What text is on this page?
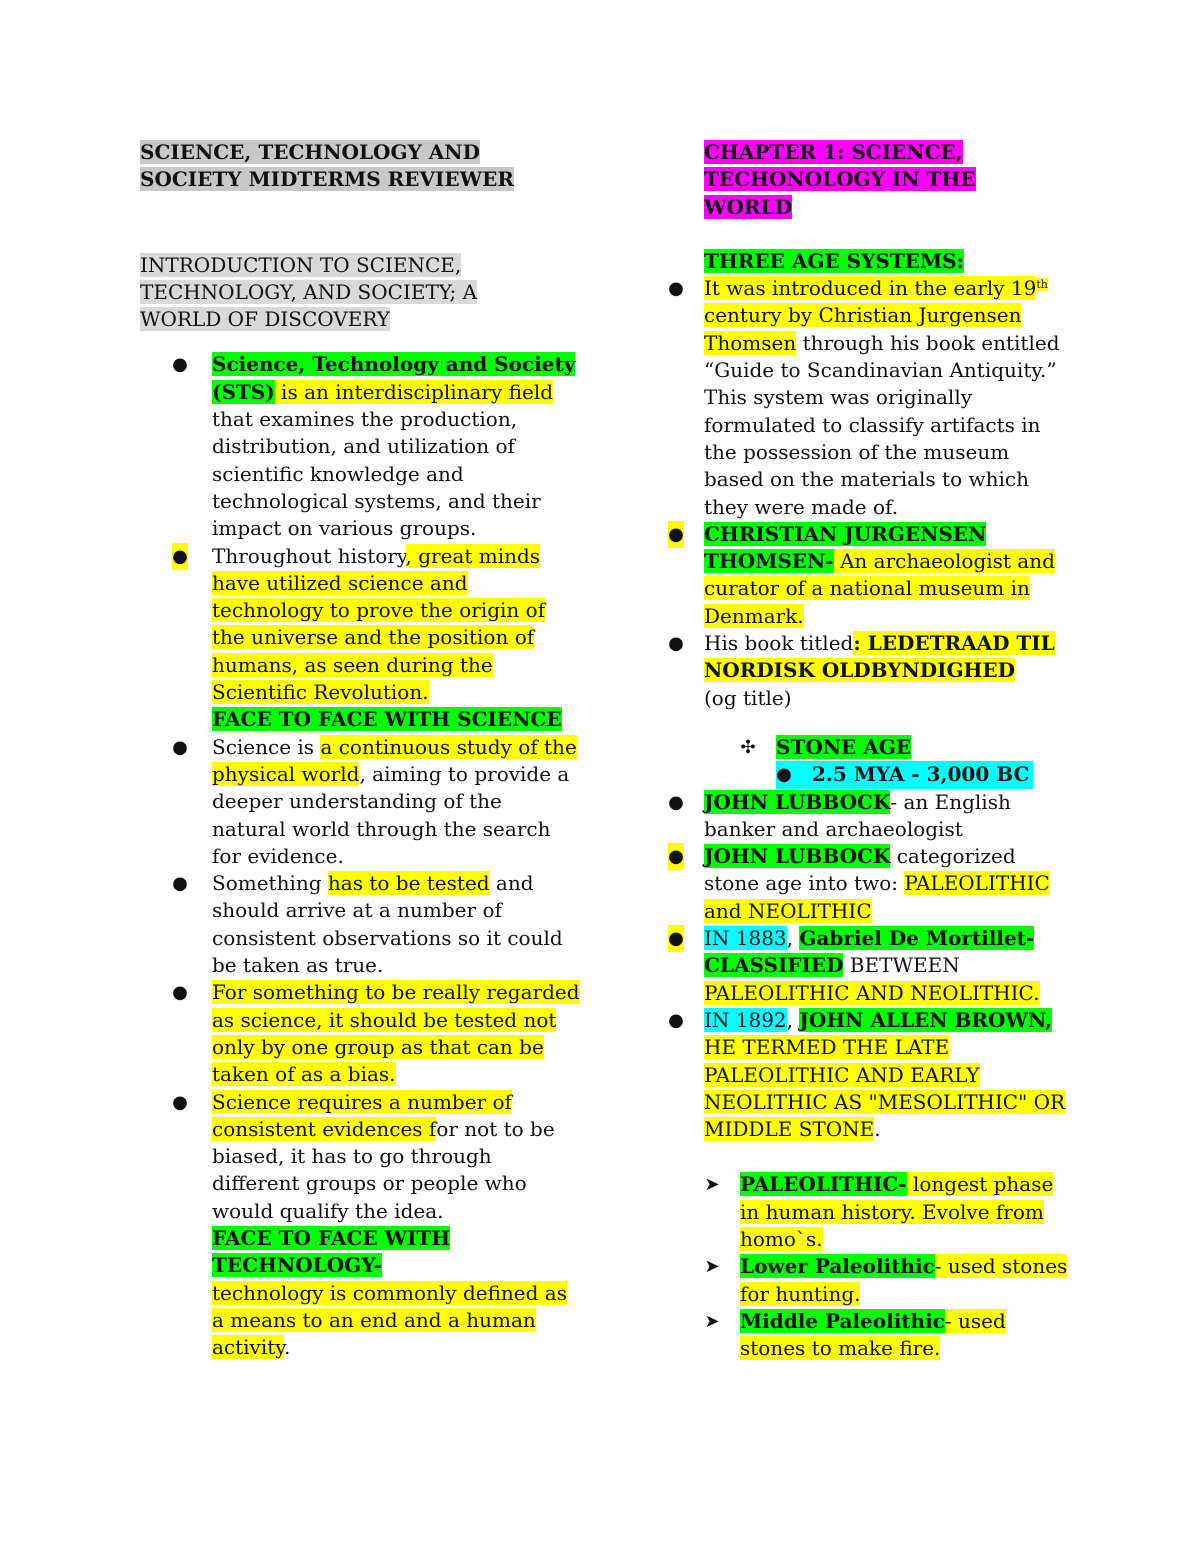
SCIENCE, TECHNOLOGY AND
SOCIETY MIDTERMS REVIEWER
INTRODUCTION TO SCIENCE,
TECHNOLOGY, AND SOCIETY; A
WORLD OF DISCOVERY
● Science, Technology and Society (STS) is an interdisciplinary field that examines the production, distribution, and utilization of scientific knowledge and technological systems, and their impact on various groups.
● Throughout history, great minds have utilized science and technology to prove the origin of the universe and the position of humans, as seen during the Scientific Revolution.
FACE TO FACE WITH SCIENCE
● Science is a continuous study of the physical world, aiming to provide a deeper understanding of the natural world through the search for evidence.
● Something has to be tested and should arrive at a number of consistent observations so it could be taken as true.
● For something to be really regarded as science, it should be tested not only by one group as that can be taken of as a bias.
● Science requires a number of consistent evidences for not to be biased, it has to go through different groups or people who would qualify the idea.
FACE TO FACE WITH
TECHNOLOGY-
technology is commonly defined as a means to an end and a human activity.
CHAPTER 1: SCIENCE,
TECHONOLOGY IN THE
WORLD
THREE AGE SYSTEMS:
● It was introduced in the early 19th century by Christian Jurgensen Thomsen through his book entitled “Guide to Scandinavian Antiquity.” This system was originally formulated to classify artifacts in the possession of the museum based on the materials to which they were made of.
● CHRISTIAN JURGENSEN THOMSEN- An archaeologist and curator of a national museum in Denmark.
● His book titled: LEDETRAAD TIL NORDISK OLDBYNDIGHED
(og title)
✣ STONE AGE
● 2.5 MYA - 3,000 BC
● JOHN LUBBOCK- an English banker and archaeologist
● JOHN LUBBOCK categorized stone age into two: PALEOLITHIC and NEOLITHIC
● IN 1883, Gabriel De Mortillet- CLASSIFIED BETWEEN PALEOLITHIC AND NEOLITHIC.
● IN 1892, JOHN ALLEN BROWN, HE TERMED THE LATE PALEOLITHIC AND EARLY NEOLITHIC AS "MESOLITHIC" OR MIDDLE STONE.
➤ PALEOLITHIC- longest phase in human history. Evolve from homo`s.
➤ Lower Paleolithic- used stones for hunting.
➤ Middle Paleolithic- used stones to make fire.
